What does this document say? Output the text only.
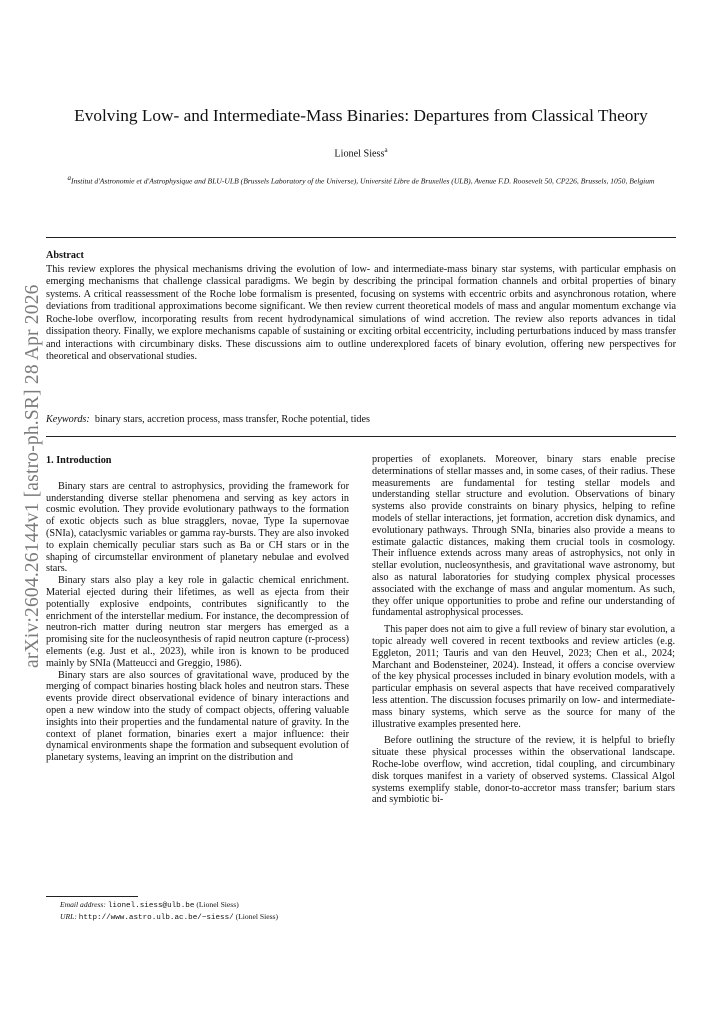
arXiv:2604.26144v1 [astro-ph.SR] 28 Apr 2026
Evolving Low- and Intermediate-Mass Binaries: Departures from Classical Theory
Lionel Siess$^a$
$^a$Institut d'Astronomie et d'Astrophysique and BLU-ULB (Brussels Laboratory of the Universe), Université Libre de Bruxelles (ULB), Avenue F.D. Roosevelt 50, CP226, Brussels, 1050, Belgium
Abstract
This review explores the physical mechanisms driving the evolution of low- and intermediate-mass binary star systems, with particular emphasis on emerging mechanisms that challenge classical paradigms. We begin by describing the principal formation channels and orbital properties of binary systems. A critical reassessment of the Roche lobe formalism is presented, focusing on systems with eccentric orbits and asynchronous rotation, where deviations from traditional approximations become significant. We then review current theoretical models of mass and angular momentum exchange via Roche-lobe overflow, incorporating results from recent hydrodynamical simulations of wind accretion. The review also reports advances in tidal dissipation theory. Finally, we explore mechanisms capable of sustaining or exciting orbital eccentricity, including perturbations induced by mass transfer and interactions with circumbinary disks. These discussions aim to outline underexplored facets of binary evolution, offering new perspectives for theoretical and observational studies.
Keywords: binary stars, accretion process, mass transfer, Roche potential, tides
1. Introduction

Binary stars are central to astrophysics, providing the framework for understanding diverse stellar phenomena and serving as key actors in cosmic evolution. They provide evolutionary pathways to the formation of exotic objects such as blue stragglers, novae, Type Ia supernovae (SNIa), cataclysmic variables or gamma ray-bursts. They are also invoked to explain chemically peculiar stars such as Ba or CH stars or in the shaping of circumstellar environment of planetary nebulae and evolved stars.

Binary stars also play a key role in galactic chemical enrichment. Material ejected during their lifetimes, as well as ejecta from their potentially explosive endpoints, contributes significantly to the enrichment of the interstellar medium. For instance, the decompression of neutron-rich matter during neutron star mergers has emerged as a promising site for the nucleosynthesis of rapid neutron capture (r-process) elements (e.g. Just et al., 2023), while iron is known to be produced mainly by SNIa (Matteucci and Greggio, 1986).

Binary stars are also sources of gravitational wave, produced by the merging of compact binaries hosting black holes and neutron stars. These events provide direct observational evidence of binary interactions and open a new window into the study of compact objects, offering valuable insights into their properties and the fundamental nature of gravity. In the context of planet formation, binaries exert a major influence: their dynamical environments shape the formation and subsequent evolution of planetary systems, leaving an imprint on the distribution and

properties of exoplanets. Moreover, binary stars enable precise determinations of stellar masses and, in some cases, of their radius. These measurements are fundamental for testing stellar models and understanding stellar structure and evolution. Observations of binary systems also provide constraints on binary physics, helping to refine models of stellar interactions, jet formation, accretion disk dynamics, and evolutionary pathways. Through SNIa, binaries also provide a means to estimate galactic distances, making them crucial tools in cosmology. Their influence extends across many areas of astrophysics, not only in stellar evolution, nucleosynthesis, and gravitational wave astronomy, but also as natural laboratories for studying complex physical processes associated with the exchange of mass and angular momentum. As such, they offer unique opportunities to probe and refine our understanding of fundamental astrophysical processes.

This paper does not aim to give a full review of binary star evolution, a topic already well covered in recent textbooks and review articles (e.g. Eggleton, 2011; Tauris and van den Heuvel, 2023; Chen et al., 2024; Marchant and Bodensteiner, 2024). Instead, it offers a concise overview of the key physical processes included in binary evolution models, with a particular emphasis on several aspects that have received comparatively less attention. The discussion focuses primarily on low- and intermediate-mass binary systems, which serve as the source for many of the illustrative examples presented here.

Before outlining the structure of the review, it is helpful to briefly situate these physical processes within the observational landscape. Roche-lobe overflow, wind accretion, tidal coupling, and circumbinary disk torques manifest in a variety of observed systems. Classical Algol systems exemplify stable, donor-to-accretor mass transfer; barium stars and symbiotic bi-

Email address: lionel.siess@ulb.be (Lionel Siess)
URL: http://www.astro.ulb.ac.be/~siess/ (Lionel Siess)
